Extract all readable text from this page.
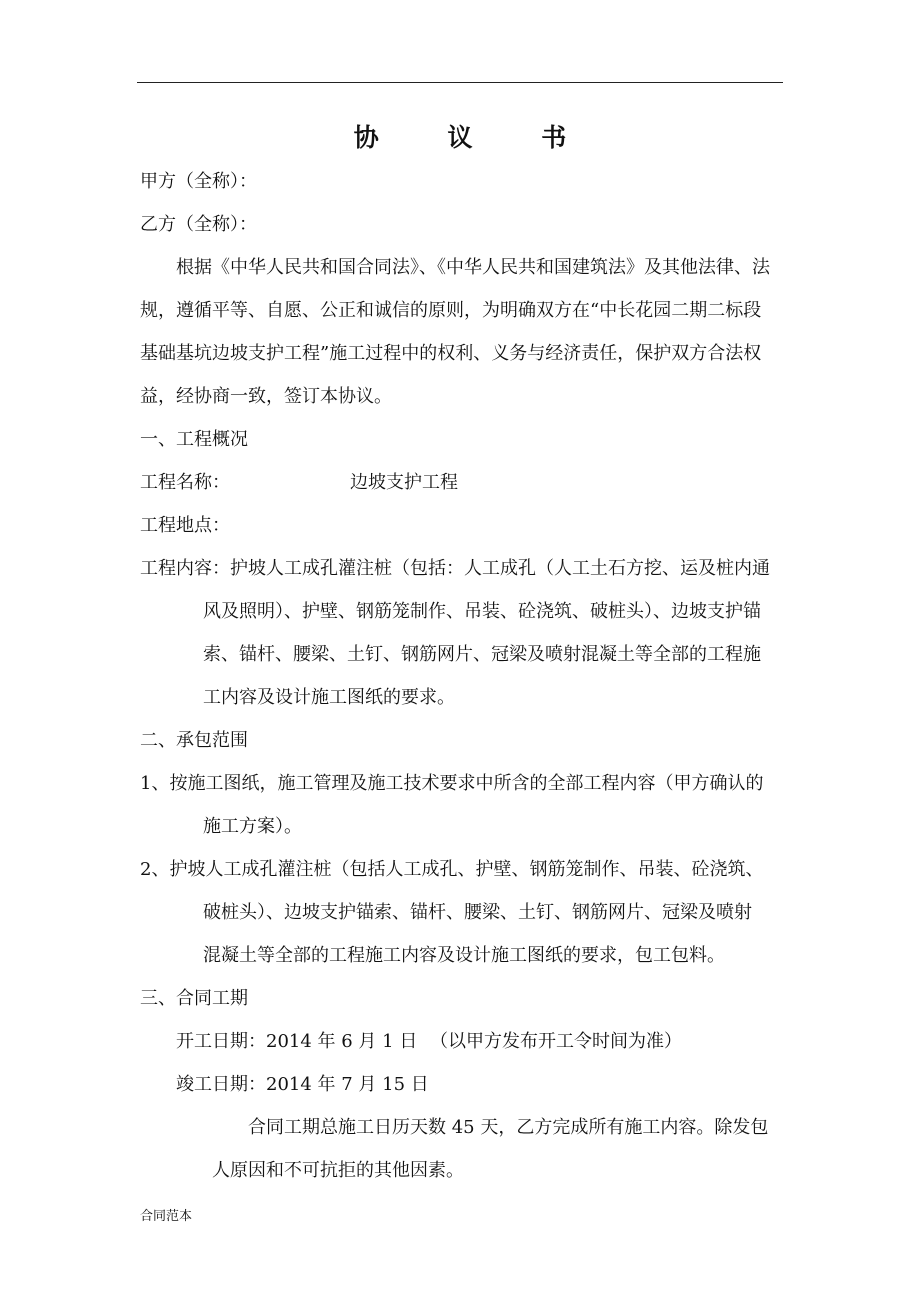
协 议 书
甲方（全称）：
乙方（全称）：
根据《中华人民共和国合同法》、《中华人民共和国建筑法》及其他法律、法
规，遵循平等、自愿、公正和诚信的原则，为明确双方在“中长花园二期二标段
基础基坑边坡支护工程”施工过程中的权利、义务与经济责任，保护双方合法权
益，经协商一致，签订本协议。
一、工程概况
工程名称：	边坡支护工程
工程地点：
工程内容：护坡人工成孔灌注桩（包括：人工成孔（人工土石方挖、运及桩内通
风及照明）、护壁、钢筋笼制作、吊装、砼浇筑、破桩头）、边坡支护锚
索、锚杆、腰梁、土钉、钢筋网片、冠梁及喷射混凝土等全部的工程施
工内容及设计施工图纸的要求。
二、承包范围
1、按施工图纸，施工管理及施工技术要求中所含的全部工程内容（甲方确认的
施工方案）。
2、护坡人工成孔灌注桩（包括人工成孔、护壁、钢筋笼制作、吊装、砼浇筑、
破桩头）、边坡支护锚索、锚杆、腰梁、土钉、钢筋网片、冠梁及喷射
混凝土等全部的工程施工内容及设计施工图纸的要求，包工包料。
三、合同工期
开工日期：2014 年 6 月 1 日 （以甲方发布开工令时间为准）
竣工日期：2014 年 7 月 15 日
合同工期总施工日历天数 45 天，乙方完成所有施工内容。除发包
人原因和不可抗拒的其他因素。
合同范本
